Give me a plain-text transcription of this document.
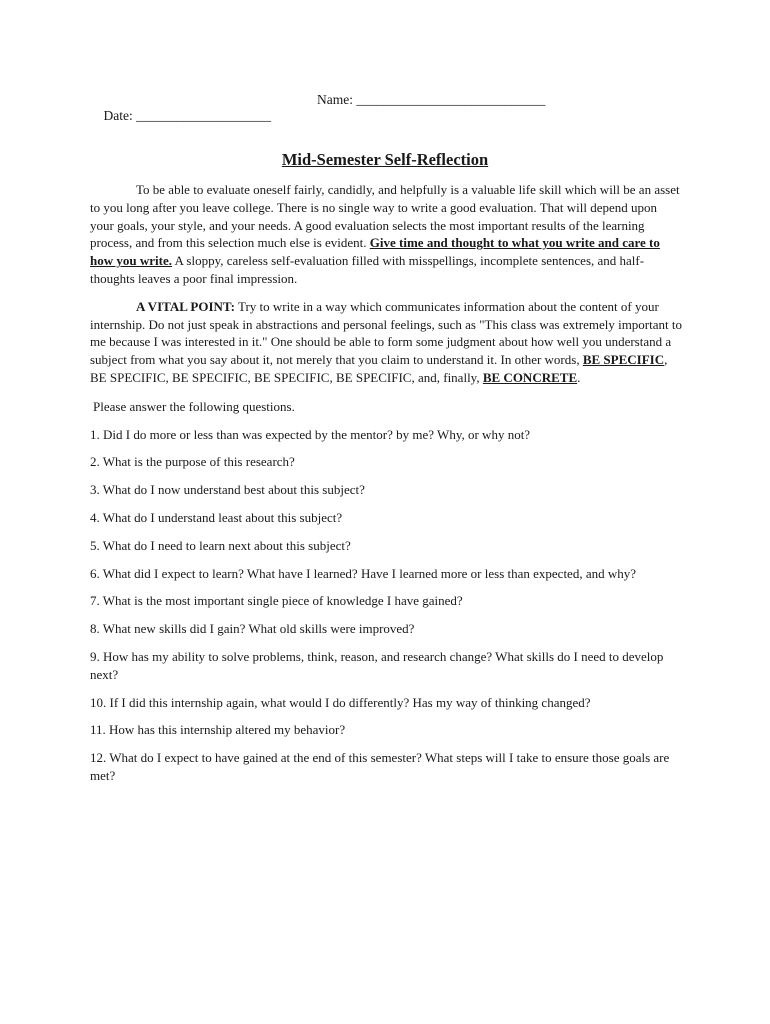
Date: ____________________

Name: ____________________________

Mid-Semester Self-Reflection

To be able to evaluate oneself fairly, candidly, and helpfully is a valuable life skill which will be an asset to you long after you leave college. There is no single way to write a good evaluation. That will depend upon your goals, your style, and your needs. A good evaluation selects the most important results of the learning process, and from this selection much else is evident. Give time and thought to what you write and care to how you write. A sloppy, careless self-evaluation filled with misspellings, incomplete sentences, and half-thoughts leaves a poor final impression.

A VITAL POINT: Try to write in a way which communicates information about the content of your internship. Do not just speak in abstractions and personal feelings, such as "This class was extremely important to me because I was interested in it." One should be able to form some judgment about how well you understand a subject from what you say about it, not merely that you claim to understand it. In other words, BE SPECIFIC, BE SPECIFIC, BE SPECIFIC, BE SPECIFIC, BE SPECIFIC, and, finally, BE CONCRETE.

Please answer the following questions.

1. Did I do more or less than was expected by the mentor? by me? Why, or why not?

2. What is the purpose of this research?

3. What do I now understand best about this subject?

4. What do I understand least about this subject?

5. What do I need to learn next about this subject?

6. What did I expect to learn? What have I learned? Have I learned more or less than expected, and why?

7. What is the most important single piece of knowledge I have gained?

8. What new skills did I gain? What old skills were improved?

9. How has my ability to solve problems, think, reason, and research change? What skills do I need to develop next?

10. If I did this internship again, what would I do differently? Has my way of thinking changed?

11. How has this internship altered my behavior?

12. What do I expect to have gained at the end of this semester? What steps will I take to ensure those goals are met?
